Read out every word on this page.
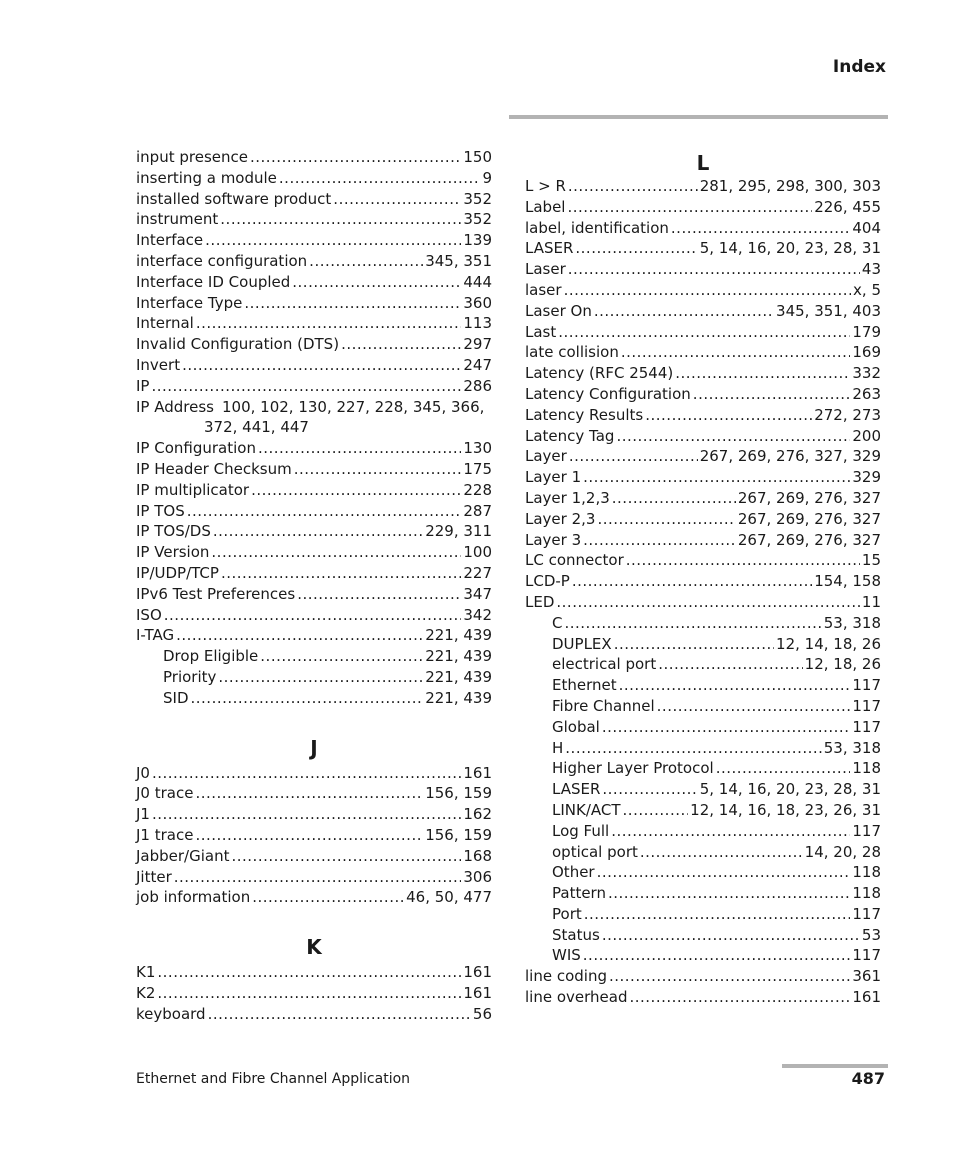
Index
input presence .....	150
inserting a module .....	9
installed software product .....	352
instrument .....	352
Interface .....	139
interface configuration .....	345, 351
Interface ID Coupled .....	444
Interface Type .....	360
Internal .....	113
Invalid Configuration (DTS) .....	297
Invert .....	247
IP .....	286
IP Address 100, 102, 130, 227, 228, 345, 366,
372, 441, 447
IP Configuration .....	130
IP Header Checksum .....	175
IP multiplicator .....	228
IP TOS .....	287
IP TOS/DS .....	229, 311
IP Version .....	100
IP/UDP/TCP .....	227
IPv6 Test Preferences .....	347
ISO .....	342
I-TAG .....	221, 439
Drop Eligible .....	221, 439
Priority .....	221, 439
SID .....	221, 439
J
J0 .....	161
J0 trace .....	156, 159
J1 .....	162
J1 trace .....	156, 159
Jabber/Giant .....	168
Jitter .....	306
job information .....	46, 50, 477
K
K1 .....	161
K2 .....	161
keyboard .....	56
L
L > R .....	281, 295, 298, 300, 303
Label .....	226, 455
label, identification .....	404
LASER .....	5, 14, 16, 20, 23, 28, 31
Laser .....	43
laser .....	x, 5
Laser On .....	345, 351, 403
Last .....	179
late collision .....	169
Latency (RFC 2544) .....	332
Latency Configuration .....	263
Latency Results .....	272, 273
Latency Tag .....	200
Layer .....	267, 269, 276, 327, 329
Layer 1 .....	329
Layer 1,2,3 .....	267, 269, 276, 327
Layer 2,3 .....	267, 269, 276, 327
Layer 3 .....	267, 269, 276, 327
LC connector .....	15
LCD-P .....	154, 158
LED .....	11
C .....	53, 318
DUPLEX .....	12, 14, 18, 26
electrical port .....	12, 18, 26
Ethernet .....	117
Fibre Channel .....	117
Global .....	117
H .....	53, 318
Higher Layer Protocol .....	118
LASER .....	5, 14, 16, 20, 23, 28, 31
LINK/ACT .....	12, 14, 16, 18, 23, 26, 31
Log Full .....	117
optical port .....	14, 20, 28
Other .....	118
Pattern .....	118
Port .....	117
Status .....	53
WIS .....	117
line coding .....	361
line overhead .....	161
Ethernet and Fibre Channel Application	487
